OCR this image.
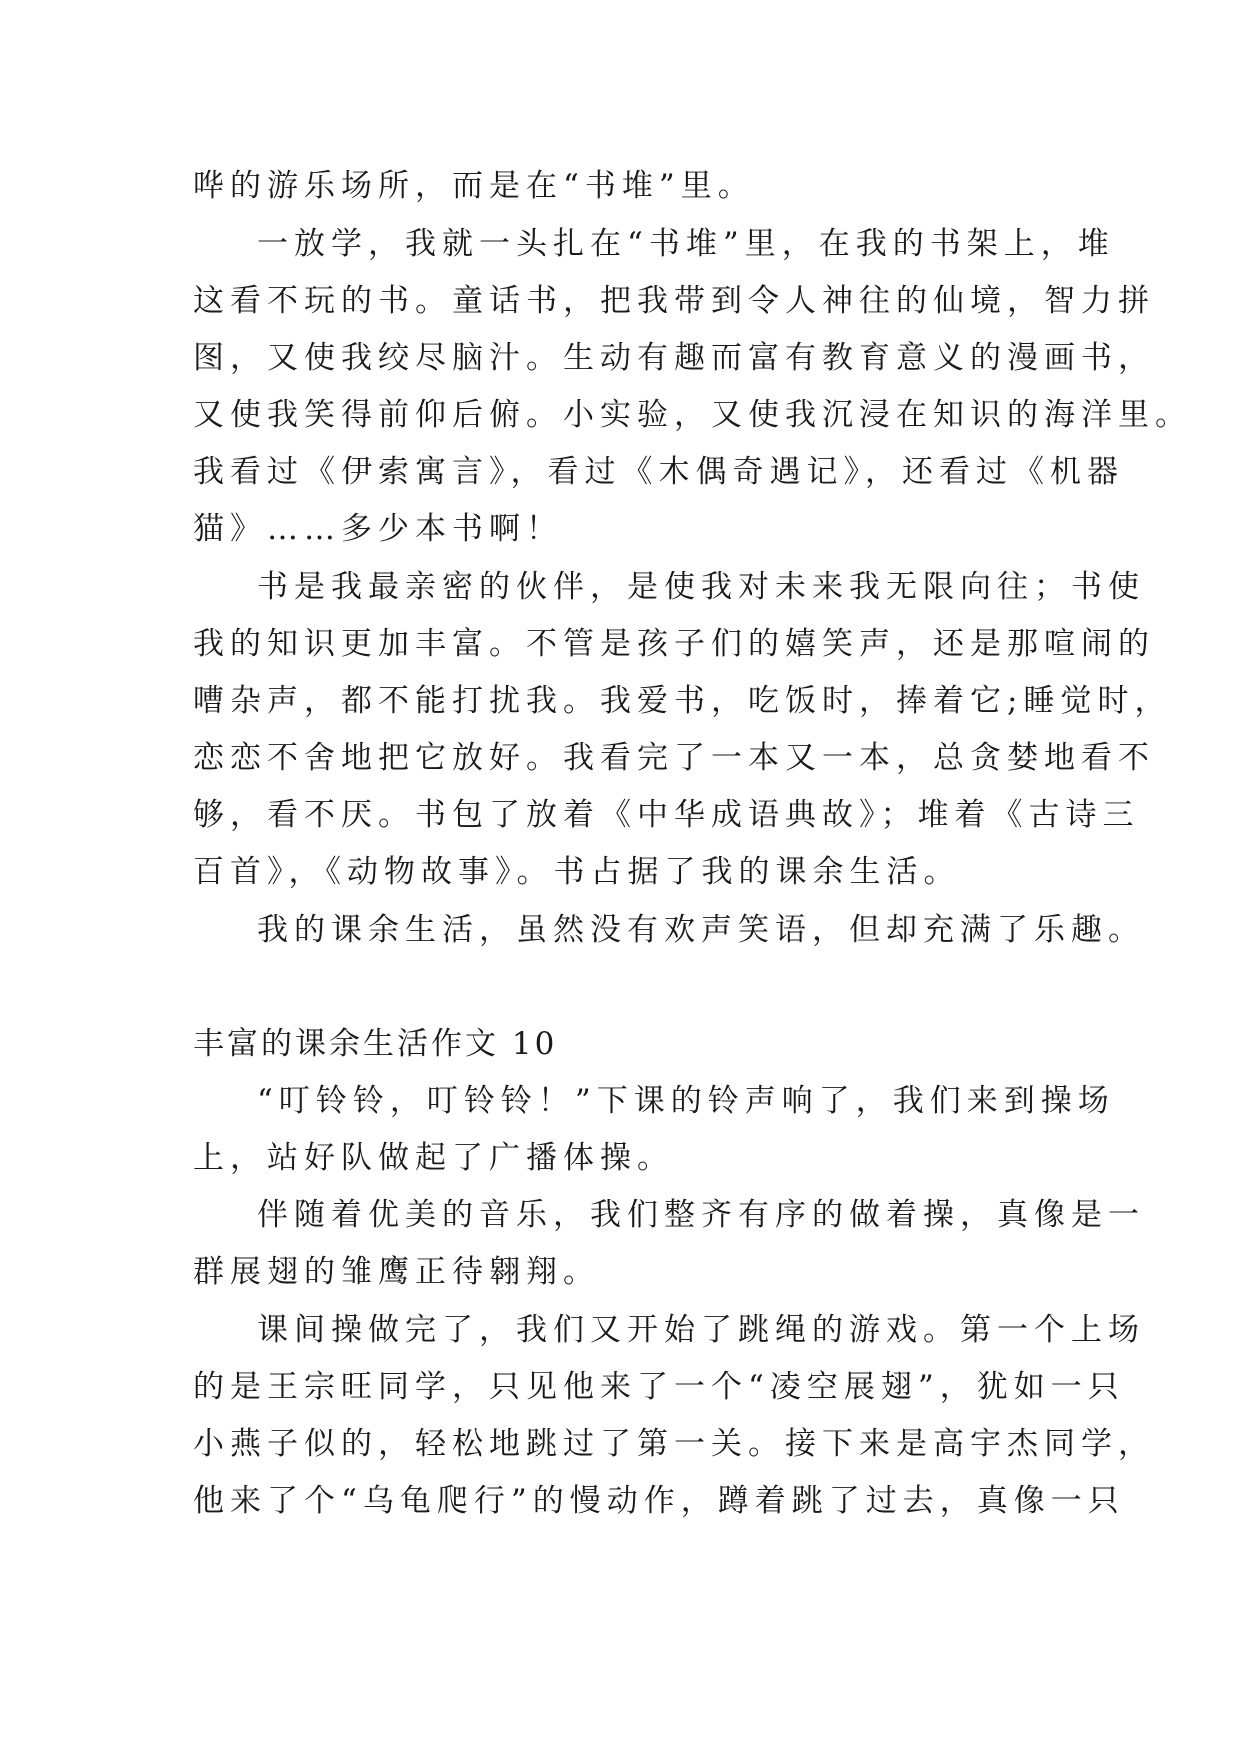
哗的游乐场所，而是在“书堆”里。
一放学，我就一头扎在“书堆”里，在我的书架上，堆
这看不玩的书。童话书，把我带到令人神往的仙境，智力拼
图，又使我绞尽脑汁。生动有趣而富有教育意义的漫画书，
又使我笑得前仰后俯。小实验，又使我沉浸在知识的海洋里。
我看过《伊索寓言》，看过《木偶奇遇记》，还看过《机器
猫》……多少本书啊！
书是我最亲密的伙伴，是使我对未来我无限向往；书使
我的知识更加丰富。不管是孩子们的嬉笑声，还是那喧闹的
嘈杂声，都不能打扰我。我爱书，吃饭时，捧着它;睡觉时，
恋恋不舍地把它放好。我看完了一本又一本，总贪婪地看不
够，看不厌。书包了放着《中华成语典故》；堆着《古诗三
百首》，《动物故事》。书占据了我的课余生活。
我的课余生活，虽然没有欢声笑语，但却充满了乐趣。
丰富的课余生活作文 10
“叮铃铃，叮铃铃！”下课的铃声响了，我们来到操场
上，站好队做起了广播体操。
伴随着优美的音乐，我们整齐有序的做着操，真像是一
群展翅的雏鹰正待翱翔。
课间操做完了，我们又开始了跳绳的游戏。第一个上场
的是王宗旺同学，只见他来了一个“凌空展翅”，犹如一只
小燕子似的，轻松地跳过了第一关。接下来是高宇杰同学，
他来了个“乌龟爬行”的慢动作，蹲着跳了过去，真像一只
